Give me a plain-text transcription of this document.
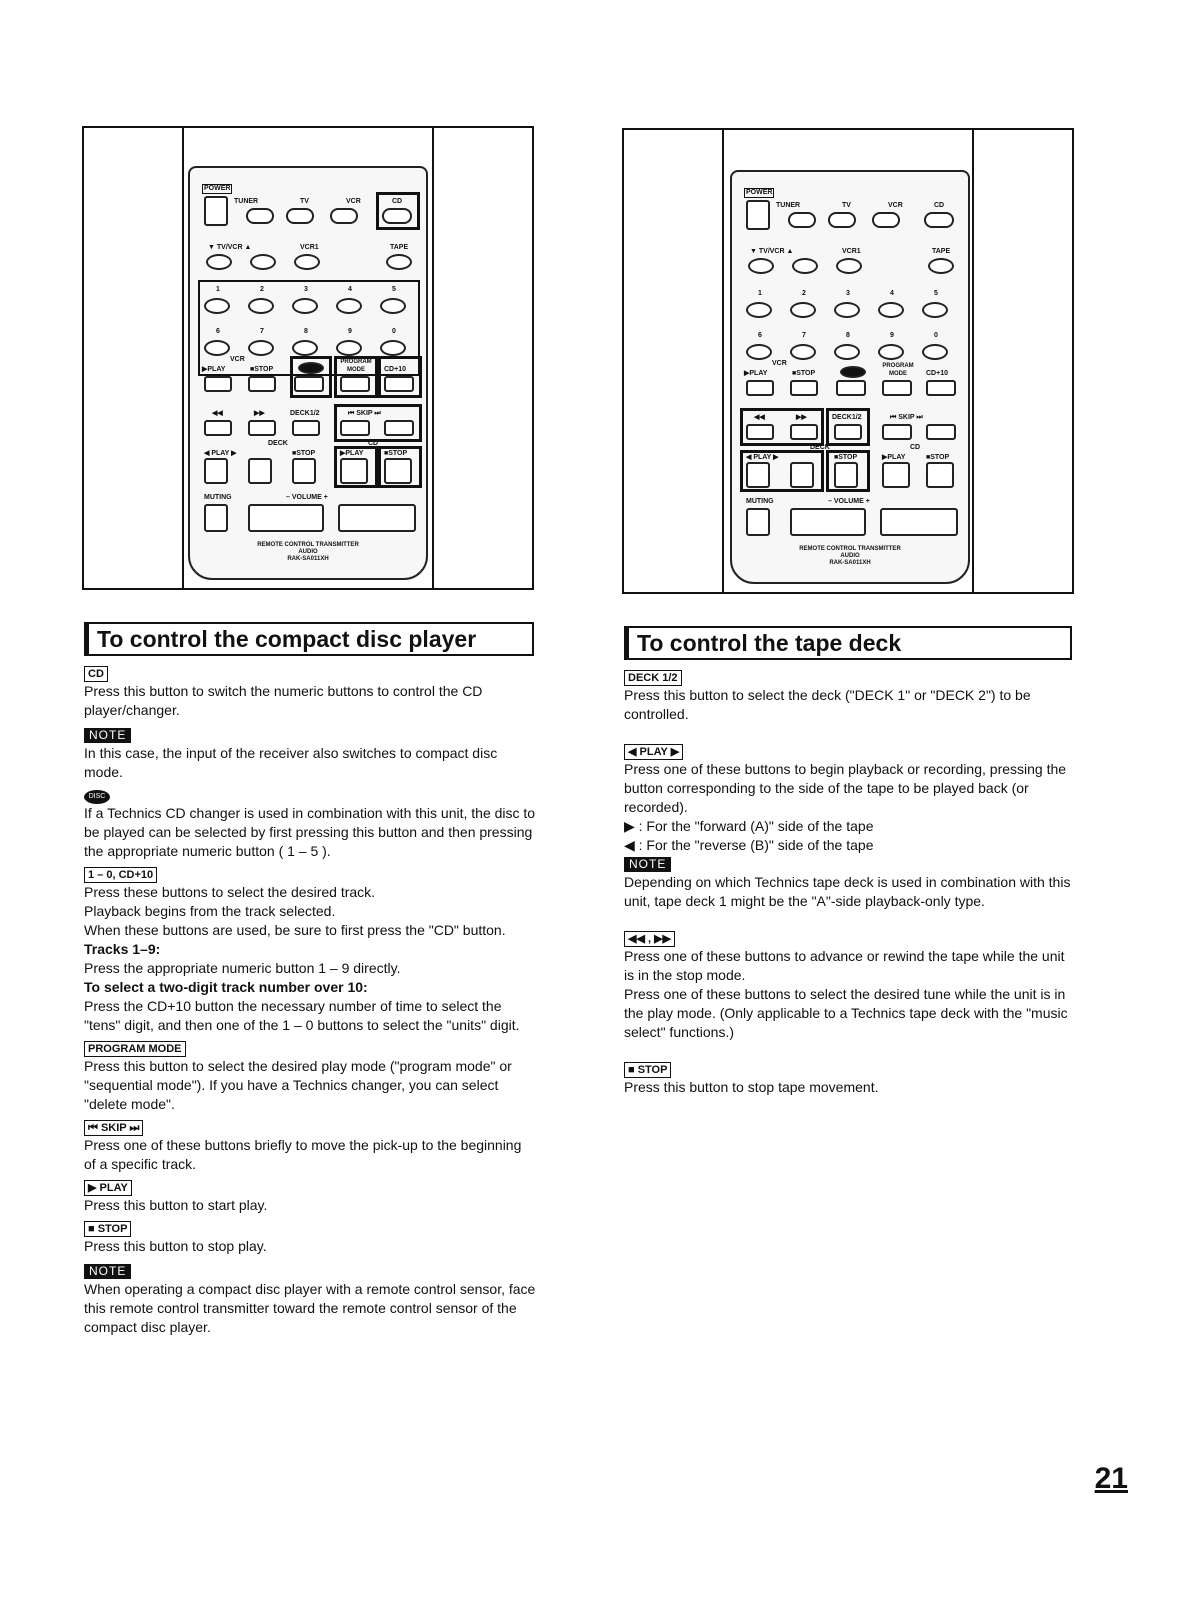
POWER
TUNER	TV	VCR	CD
▼ TV/VCR ▲	VCR1	TAPE
1	2	3	4	5
6	7	8	9	0
VCR
▶PLAY	■STOP
PROGRAM MODE	CD+10
◀◀	▶▶	DECK1/2	⏮ SKIP ⏭
DECK
◀ PLAY ▶	■STOP
CD
▶PLAY	■STOP
MUTING	– VOLUME +
REMOTE CONTROL TRANSMITTER
AUDIO
RAK-SA011XH
POWER
TUNER	TV	VCR	CD
▼ TV/VCR ▲	VCR1	TAPE
1	2	3	4	5
6	7	8	9	0
VCR
▶PLAY	■STOP
PROGRAM MODE	CD+10
◀◀	▶▶	DECK1/2	⏮ SKIP ⏭
DECK
◀ PLAY ▶	■STOP
CD
▶PLAY	■STOP
MUTING	– VOLUME +
REMOTE CONTROL TRANSMITTER
AUDIO
RAK-SA011XH
To control the compact disc player
CD

Press this button to switch the numeric buttons to control the CD player/changer.

NOTE

In this case, the input of the receiver also switches to compact disc mode.

DISC

If a Technics CD changer is used in combination with this unit, the disc to be played can be selected by first pressing this button and then pressing the appropriate numeric button ( 1 – 5 ).

1 – 0, CD+10

Press these buttons to select the desired track.

Playback begins from the track selected.

When these buttons are used, be sure to first press the "CD" button.

Tracks 1–9:

Press the appropriate numeric button 1 – 9 directly.

To select a two-digit track number over 10:

Press the CD+10 button the necessary number of time to select the "tens" digit, and then one of the 1 – 0 buttons to select the "units" digit.

PROGRAM MODE

Press this button to select the desired play mode ("program mode" or "sequential mode"). If you have a Technics changer, you can select "delete mode".

⏮ SKIP ⏭

Press one of these buttons briefly to move the pick-up to the beginning of a specific track.

▶ PLAY

Press this button to start play.

■ STOP

Press this button to stop play.

NOTE

When operating a compact disc player with a remote control sensor, face this remote control transmitter toward the remote control sensor of the compact disc player.

To control the tape deck
DECK 1/2

Press this button to select the deck ("DECK 1" or "DECK 2") to be controlled.

◀ PLAY ▶

Press one of these buttons to begin playback or recording, pressing the button corresponding to the side of the tape to be played back (or recorded).

▶ : For the "forward (A)" side of the tape

◀ : For the "reverse (B)" side of the tape

NOTE

Depending on which Technics tape deck is used in combination with this unit, tape deck 1 might be the "A"-side playback-only type.

◀◀ , ▶▶

Press one of these buttons to advance or rewind the tape while the unit is in the stop mode.

Press one of these buttons to select the desired tune while the unit is in the play mode. (Only applicable to a Technics tape deck with the "music select" functions.)

■ STOP

Press this button to stop tape movement.

21
